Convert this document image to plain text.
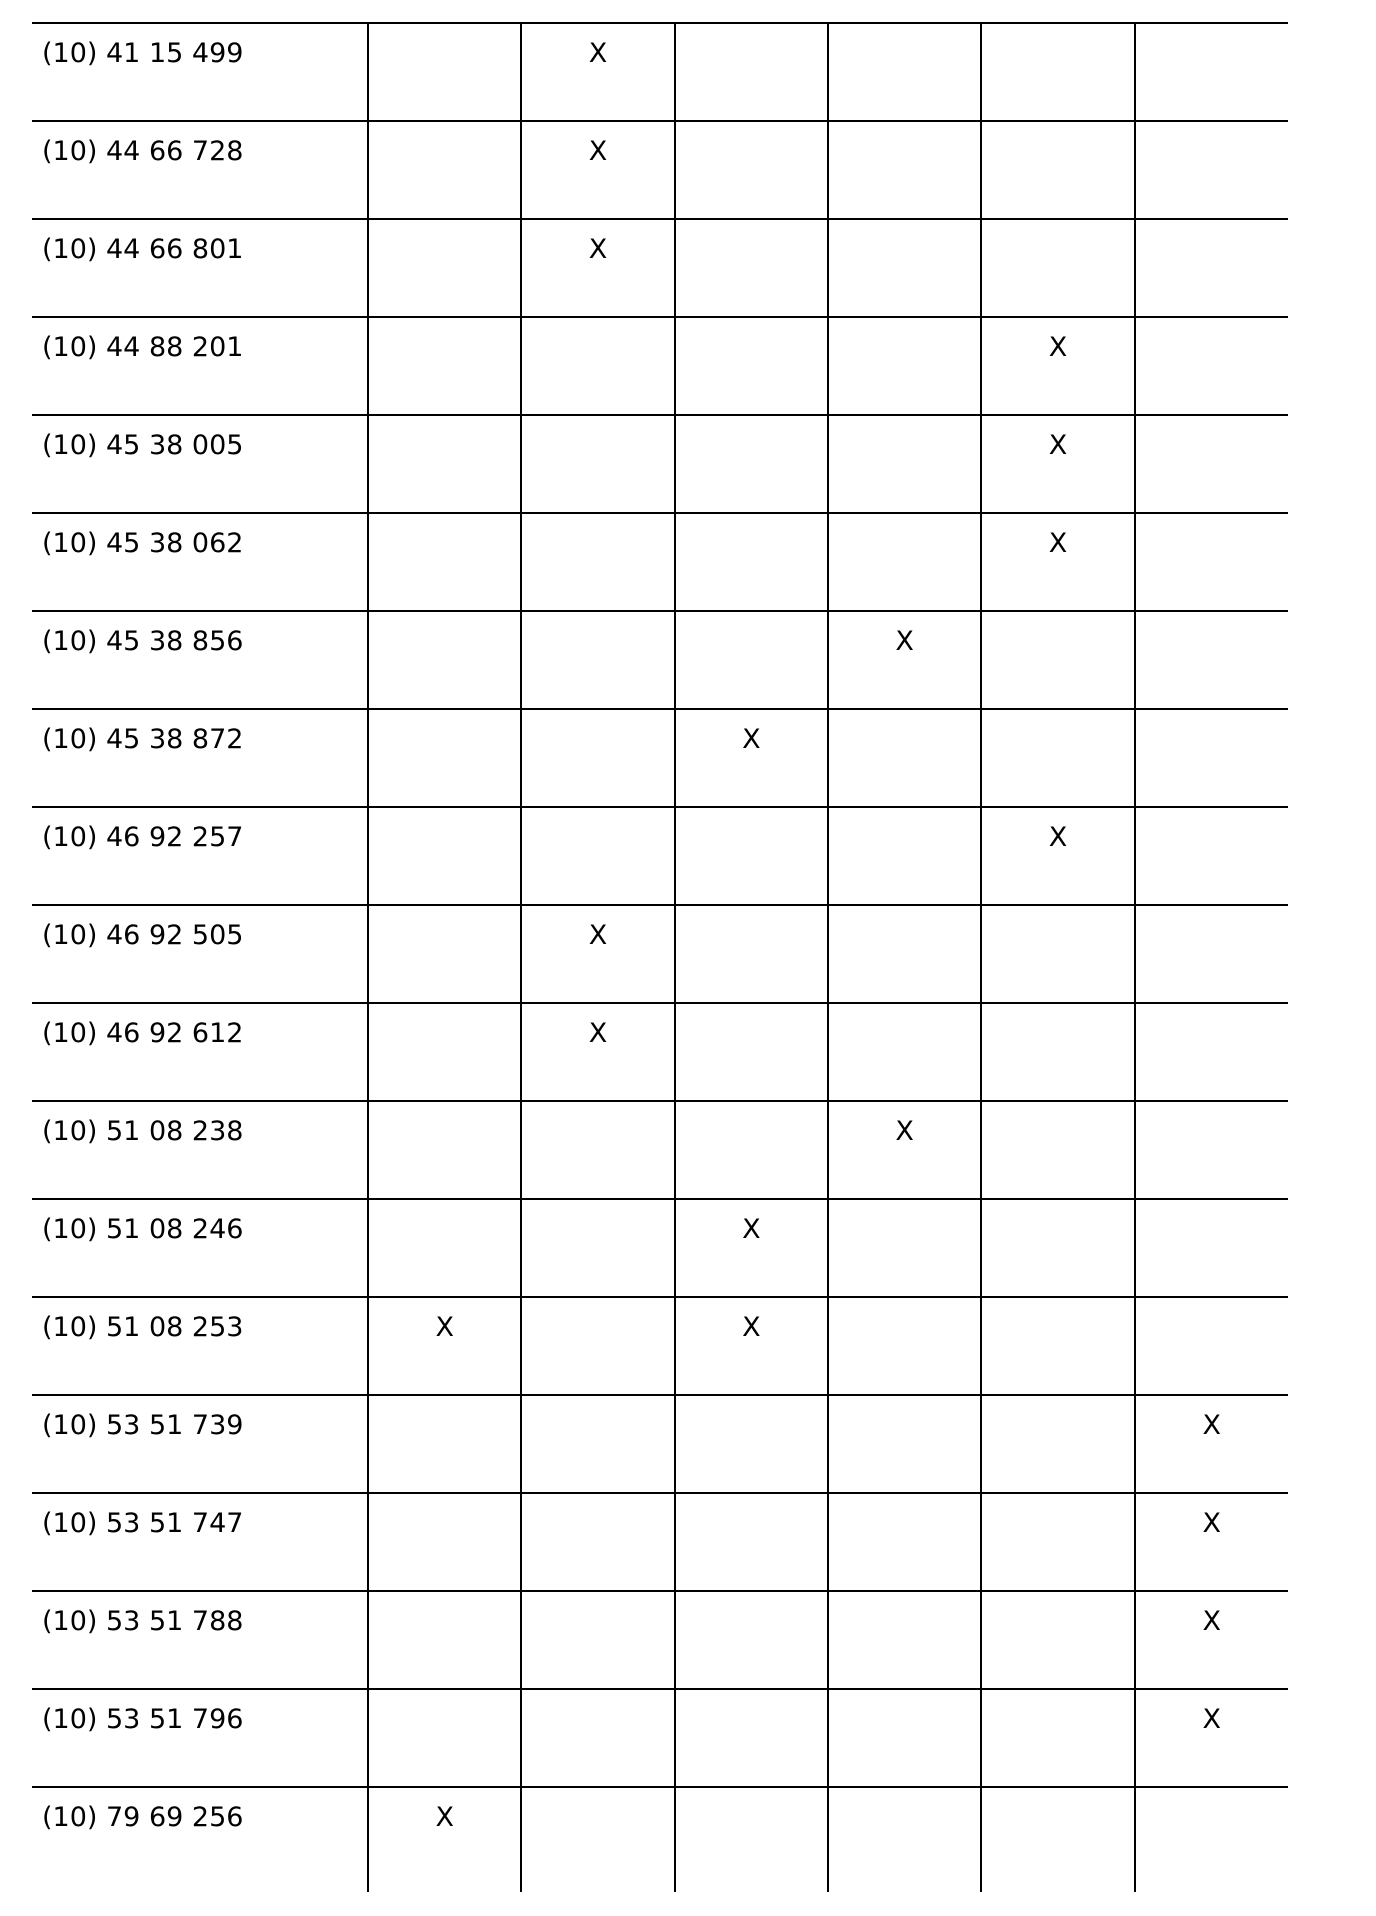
(10) 41 15 499		X				
(10) 44 66 728		X				
(10) 44 66 801		X				
(10) 44 88 201					X	
(10) 45 38 005					X	
(10) 45 38 062					X	
(10) 45 38 856				X		
(10) 45 38 872			X			
(10) 46 92 257					X	
(10) 46 92 505		X				
(10) 46 92 612		X				
(10) 51 08 238				X		
(10) 51 08 246			X			
(10) 51 08 253	X		X			
(10) 53 51 739						X
(10) 53 51 747						X
(10) 53 51 788						X
(10) 53 51 796						X
(10) 79 69 256	X					
